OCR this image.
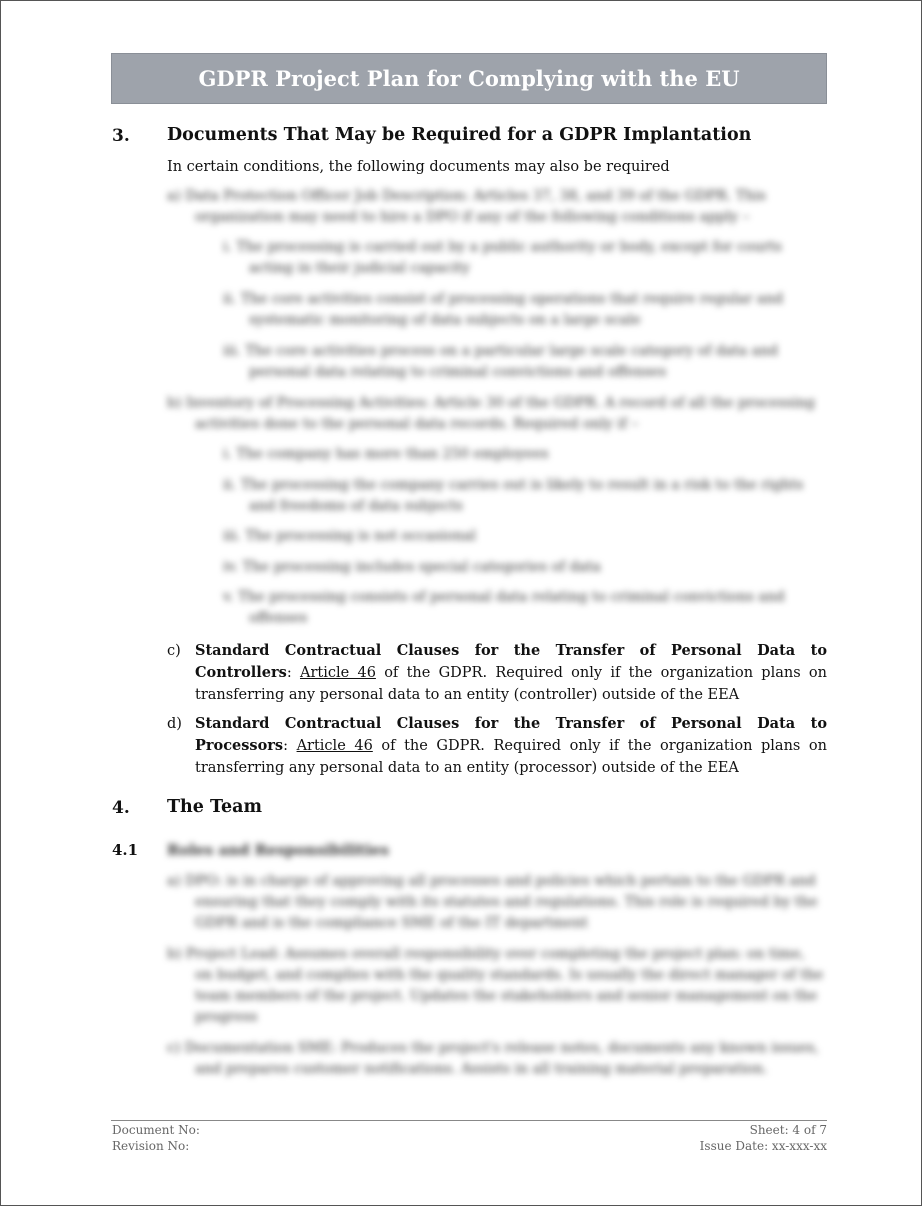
GDPR Project Plan for Complying with the EU
3. Documents That May be Required for a GDPR Implantation
In certain conditions, the following documents may also be required
a) Data Protection Officer Job Description: Articles 37, 38, and 39 of the GDPR. This
organization may need to hire a DPO if any of the following conditions apply –
i. The processing is carried out by a public authority or body, except for courts
acting in their judicial capacity
ii. The core activities consist of processing operations that require regular and
systematic monitoring of data subjects on a large scale
iii. The core activities process on a particular large scale category of data and
personal data relating to criminal convictions and offenses
b) Inventory of Processing Activities: Article 30 of the GDPR. A record of all the processing
activities done to the personal data records. Required only if –
i. The company has more than 250 employees
ii. The processing the company carries out is likely to result in a risk to the rights
and freedoms of data subjects
iii. The processing is not occasional
iv. The processing includes special categories of data
v. The processing consists of personal data relating to criminal convictions and
offenses
c) Standard Contractual Clauses for the Transfer of Personal Data to Controllers: Article 46 of the GDPR. Required only if the organization plans on transferring any personal data to an entity (controller) outside of the EEA
d) Standard Contractual Clauses for the Transfer of Personal Data to Processors: Article 46 of the GDPR. Required only if the organization plans on transferring any personal data to an entity (processor) outside of the EEA
4. The Team
4.1 Roles and Responsibilities
a) DPO: is in charge of approving all processes and policies which pertain to the GDPR and
ensuring that they comply with its statutes and regulations. This role is required by the
GDPR and is the compliance SME of the IT department
b) Project Lead: Assumes overall responsibility over completing the project plan: on time,
on budget, and complies with the quality standards. Is usually the direct manager of the
team members of the project. Updates the stakeholders and senior management on the
progress
c) Documentation SME: Produces the project's release notes, documents any known issues,
and prepares customer notifications. Assists in all training material preparation.
Document No:
Revision No:
Sheet: 4 of 7
Issue Date: xx-xxx-xx
